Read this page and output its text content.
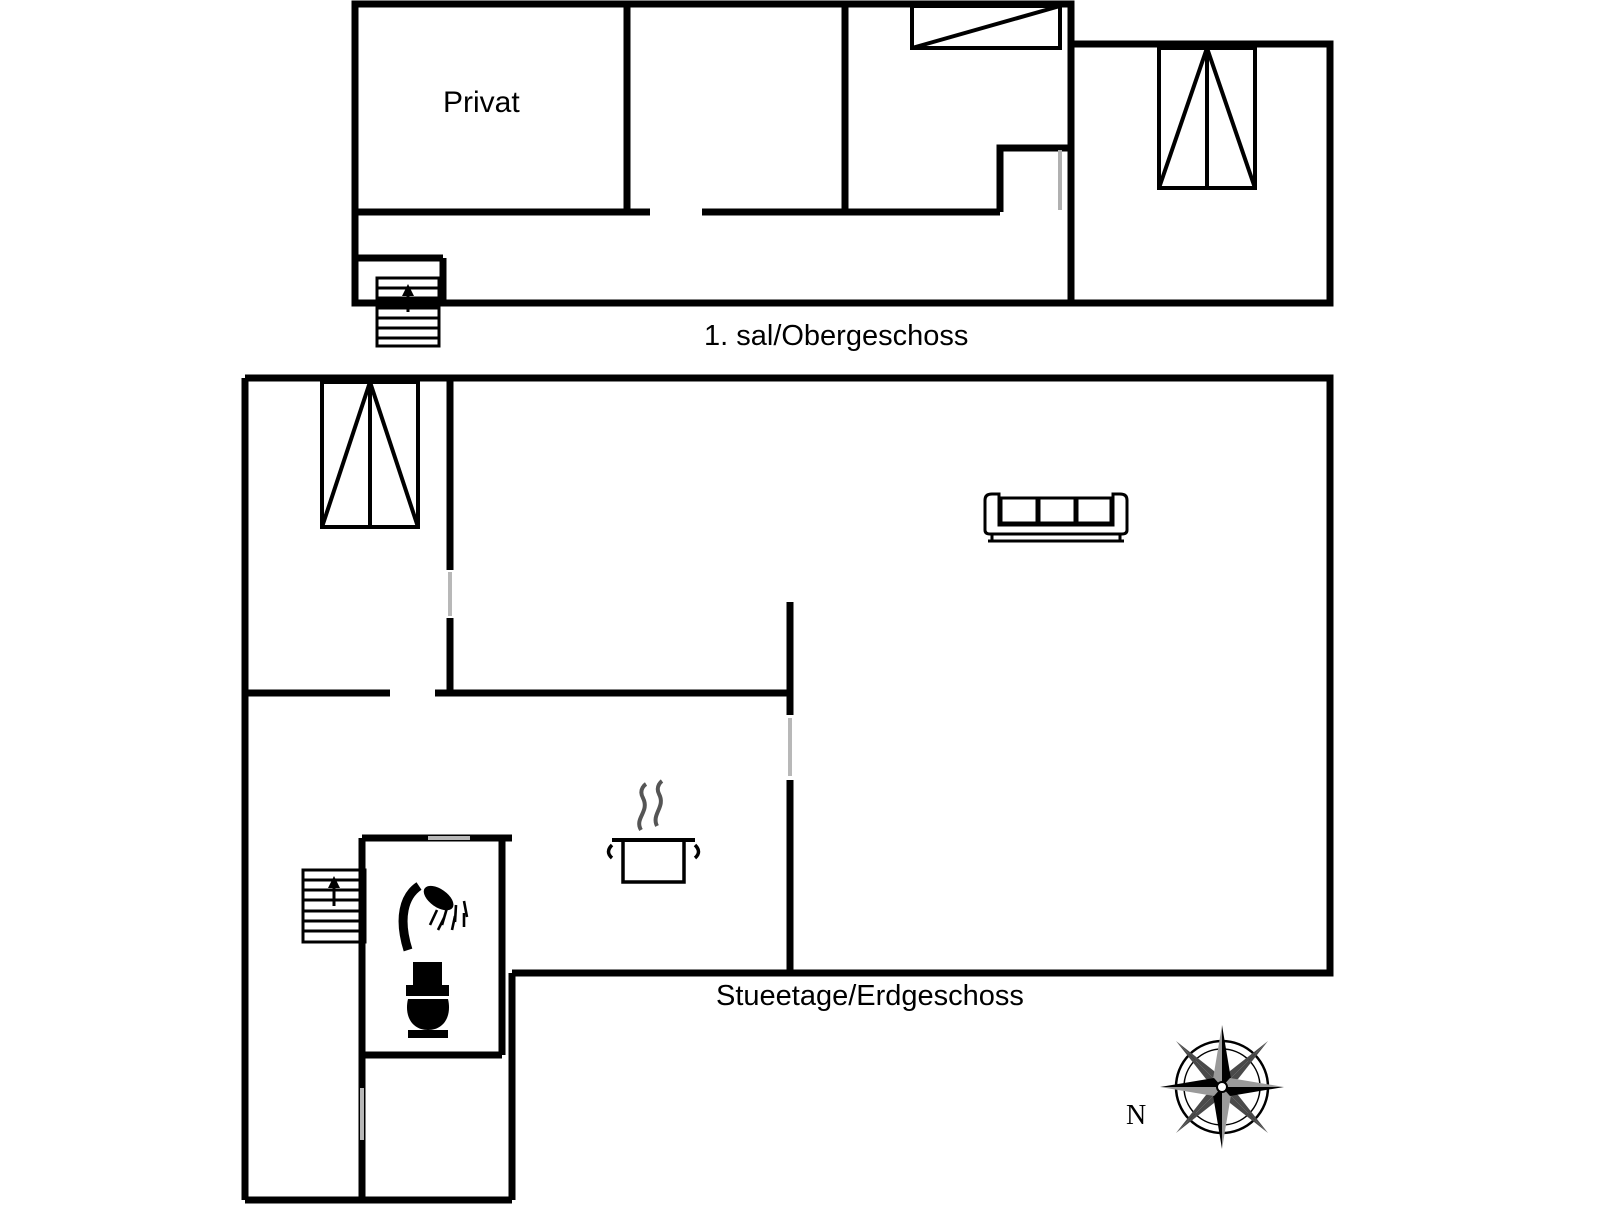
Privat
1. sal/Obergeschoss
Stueetage/Erdgeschoss
N
